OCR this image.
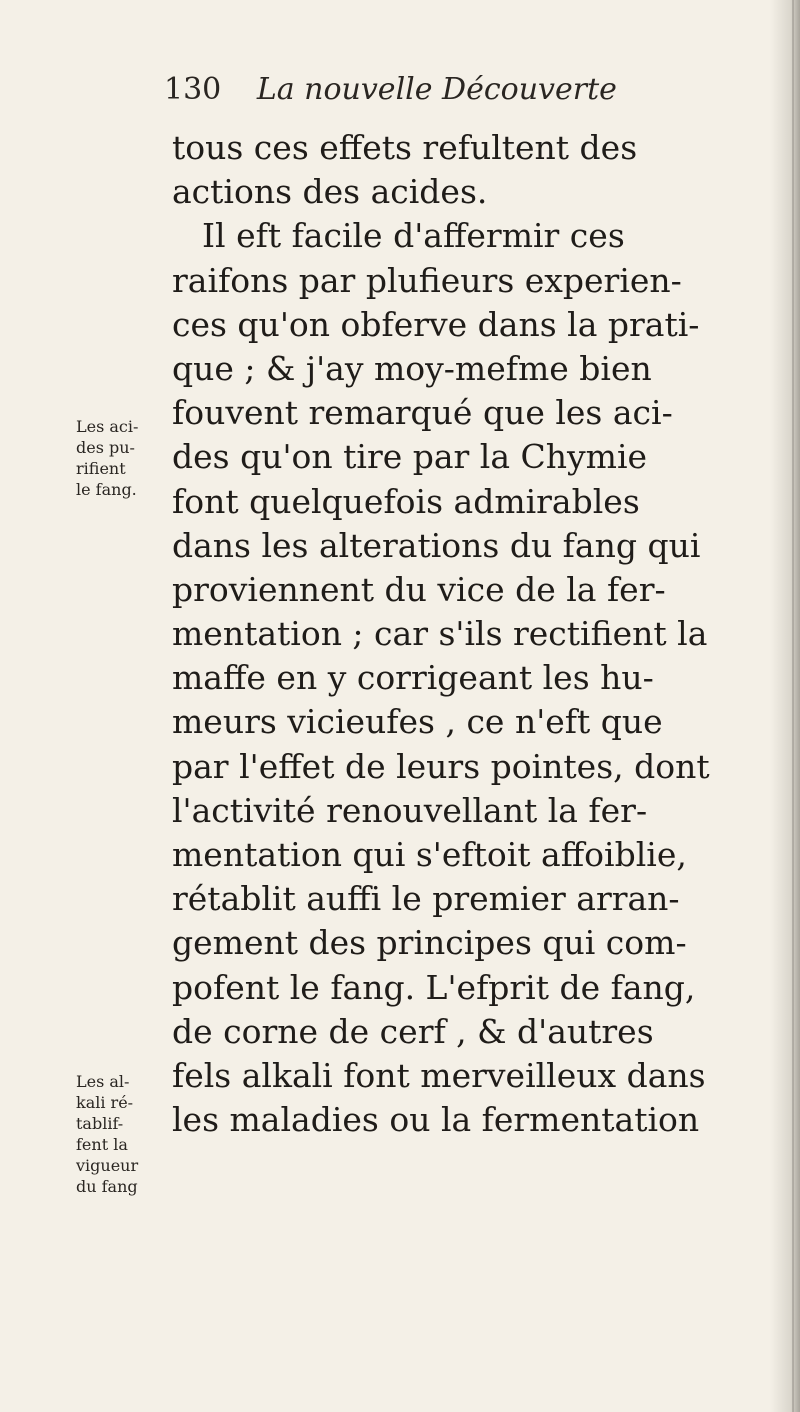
130 La nouvelle Découverte
tous ces effets refultent des
actions des acides.
Il eft facile d'affermir ces
raifons par plufieurs experien-
ces qu'on obferve dans la prati-
que ; & j'ay moy-mefme bien
fouvent remarqué que les aci-
des qu'on tire par la Chymie
font quelquefois admirables
dans les alterations du fang qui
proviennent du vice de la fer-
mentation ; car s'ils rectifient la
maffe en y corrigeant les hu-
meurs vicieufes , ce n'eft que
par l'effet de leurs pointes, dont
l'activité renouvellant la fer-
mentation qui s'eftoit affoiblie,
rétablit auffi le premier arran-
gement des principes qui com-
pofent le fang. L'efprit de fang,
de corne de cerf , & d'autres
fels alkali font merveilleux dans
les maladies ou la fermentation
Les aci-
des pu-
rifient
le fang.
Les al-
kali ré-
tablif-
fent la
vigueur
du fang
